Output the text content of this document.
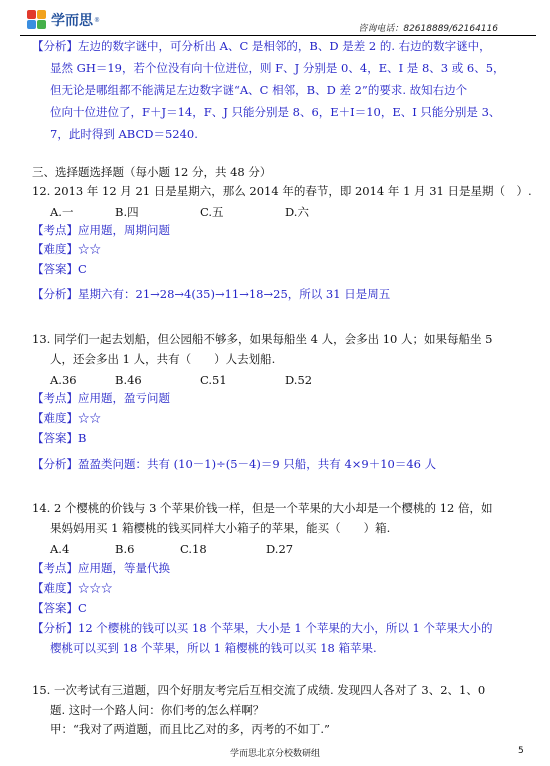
学而思 ®
咨询电话：82618889/62164116
【分析】左边的数字谜中，可分析出 A、C 是相邻的，B、D 是差 2 的. 右边的数字谜中，
显然 GH＝19，若个位没有向十位进位，则 F、J 分别是 0、4，E、I 是 8、3 或 6、5，
但无论是哪组都不能满足左边数字谜“A、C 相邻，B、D 差 2”的要求. 故知右边个
位向十位进位了，F＋J＝14，F、J 只能分别是 8、6，E＋I＝10，E、I 只能分别是 3、
7，此时得到 ABCD＝5240.
三、选择题选择题（每小题 12 分，共 48 分）
12. 2013 年 12 月 21 日是星期六，那么 2014 年的春节，即 2014 年 1 月 31 日是星期（　）.
A.一	B.四	C.五	D.六
【考点】应用题，周期问题
【难度】☆☆
【答案】C
【分析】星期六有：21→28→4(35)→11→18→25，所以 31 日是周五
13. 同学们一起去划船，但公园船不够多，如果每船坐 4 人，会多出 10 人；如果每船坐 5
人，还会多出 1 人，共有（　　）人去划船.
A.36	B.46	C.51	D.52
【考点】应用题，盈亏问题
【难度】☆☆
【答案】B
【分析】盈盈类问题：共有 (10－1)÷(5－4)＝9 只船，共有 4×9＋10＝46 人
14. 2 个樱桃的价钱与 3 个苹果价钱一样，但是一个苹果的大小却是一个樱桃的 12 倍，如
果妈妈用买 1 箱樱桃的钱买同样大小箱子的苹果，能买（　　）箱.
A.4	B.6	C.18	D.27
【考点】应用题，等量代换
【难度】☆☆☆
【答案】C
【分析】12 个樱桃的钱可以买 18 个苹果，大小是 1 个苹果的大小，所以 1 个苹果大小的
樱桃可以买到 18 个苹果，所以 1 箱樱桃的钱可以买 18 箱苹果.
15. 一次考试有三道题，四个好朋友考完后互相交流了成绩. 发现四人各对了 3、2、1、0
题. 这时一个路人问：你们考的怎么样啊？
甲：“我对了两道题，而且比乙对的多，丙考的不如丁.”
学而思北京分校数研组	5
